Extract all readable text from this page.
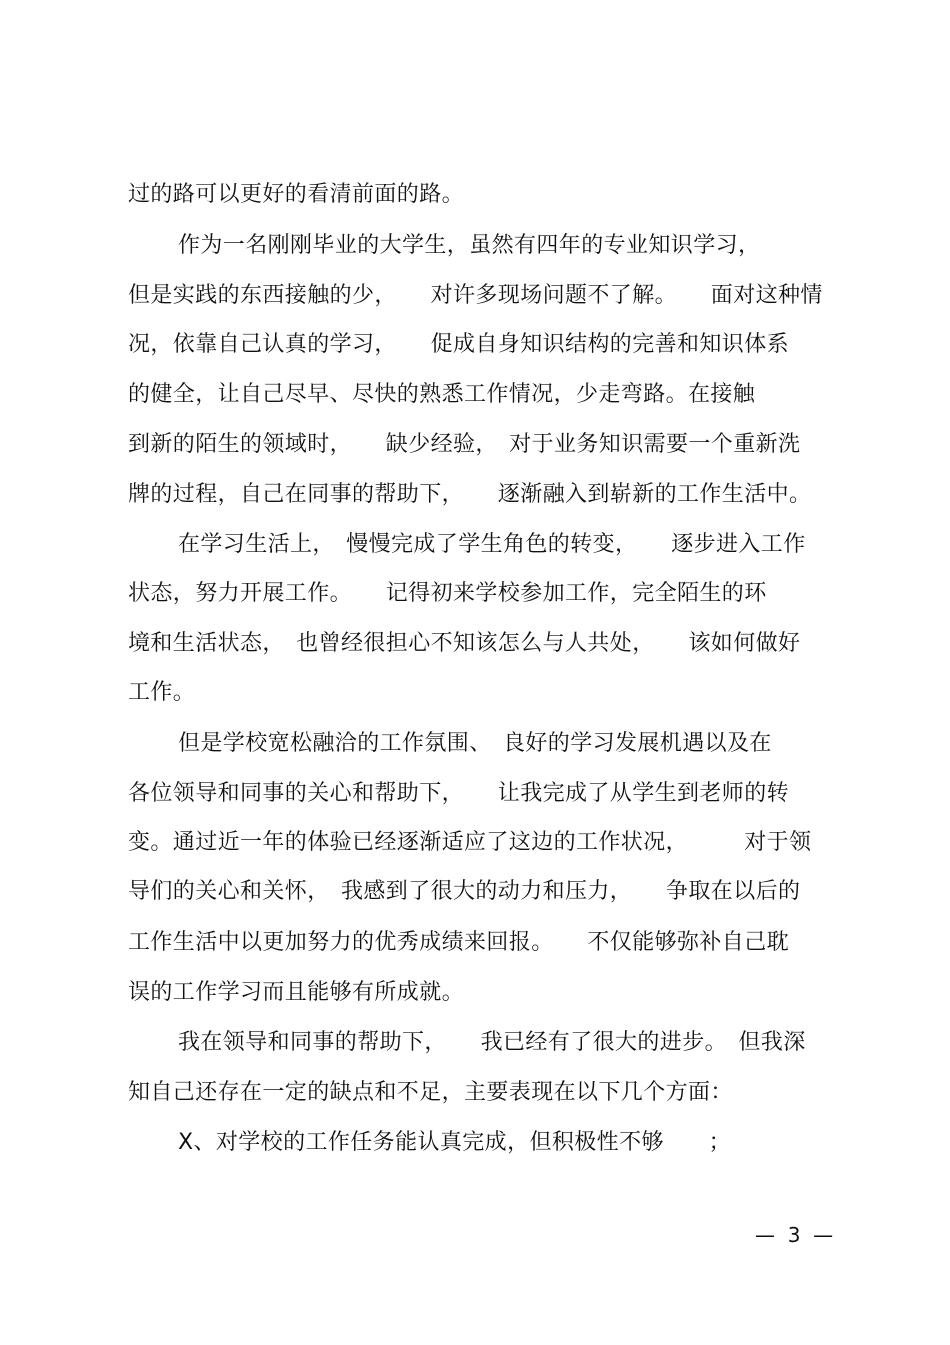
过的路可以更好的看清前面的路。
作为一名刚刚毕业的大学生，虽然有四年的专业知识学习，
但是实践的东西接触的少，　　对许多现场问题不了解。　　面对这种情
况，依靠自己认真的学习，　　促成自身知识结构的完善和知识体系
的健全，让自己尽早、尽快的熟悉工作情况，少走弯路。在接触
到新的陌生的领域时，　　缺少经验，　对于业务知识需要一个重新洗
牌的过程，自己在同事的帮助下，　　逐渐融入到崭新的工作生活中。
在学习生活上，　慢慢完成了学生角色的转变，　　逐步进入工作
状态，努力开展工作。　　记得初来学校参加工作，完全陌生的环
境和生活状态，　也曾经很担心不知该怎么与人共处，　　该如何做好
工作。
但是学校宽松融洽的工作氛围、　良好的学习发展机遇以及在
各位领导和同事的关心和帮助下，　　让我完成了从学生到老师的转
变。通过近一年的体验已经逐渐适应了这边的工作状况，　　　对于领
导们的关心和关怀，　我感到了很大的动力和压力，　　争取在以后的
工作生活中以更加努力的优秀成绩来回报。　　不仅能够弥补自己耽
误的工作学习而且能够有所成就。
我在领导和同事的帮助下，　　我已经有了很大的进步。　但我深
知自己还存在一定的缺点和不足，主要表现在以下几个方面：
X、对学校的工作任务能认真完成，但积极性不够　　；
—  3  —
